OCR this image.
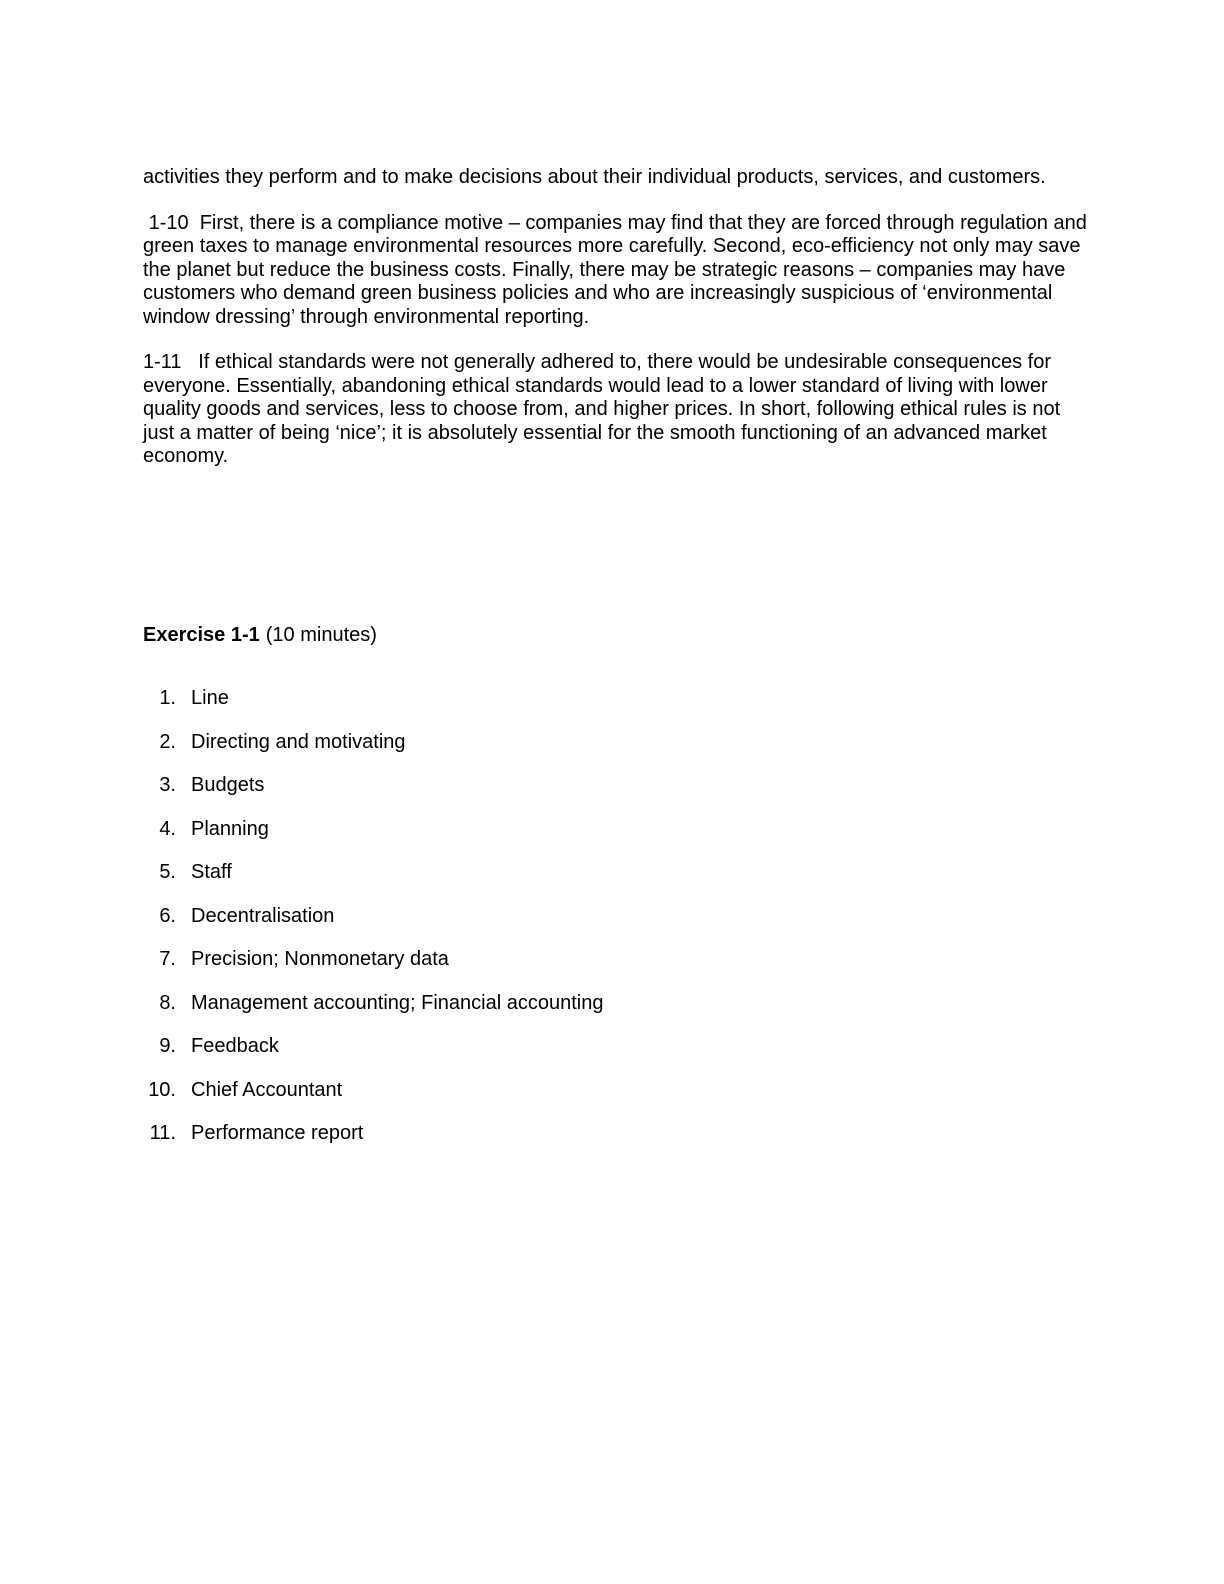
activities they perform and to make decisions about their individual products, services, and customers.

1-10  First, there is a compliance motive – companies may find that they are forced through regulation and green taxes to manage environmental resources more carefully. Second, eco-efficiency not only may save the planet but reduce the business costs. Finally, there may be strategic reasons – companies may have customers who demand green business policies and who are increasingly suspicious of ‘environmental window dressing’ through environmental reporting.

1-11   If ethical standards were not generally adhered to, there would be undesirable consequences for everyone. Essentially, abandoning ethical standards would lead to a lower standard of living with lower quality goods and services, less to choose from, and higher prices. In short, following ethical rules is not just a matter of being ‘nice’; it is absolutely essential for the smooth functioning of an advanced market economy.

Exercise 1-1 (10 minutes)
1. Line
2. Directing and motivating
3. Budgets
4. Planning
5. Staff
6. Decentralisation
7. Precision; Nonmonetary data
8. Management accounting; Financial accounting
9. Feedback
10. Chief Accountant
11. Performance report
